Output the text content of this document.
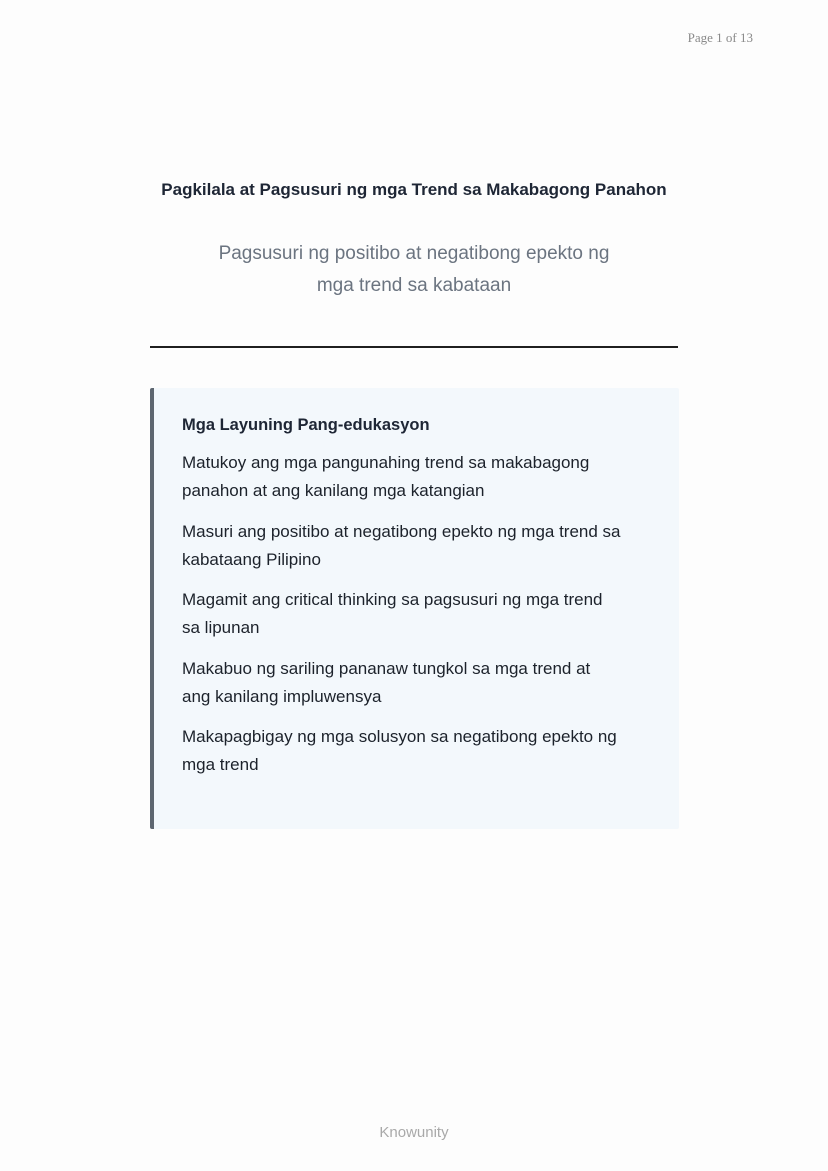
Page 1 of 13
Pagkilala at Pagsusuri ng mga Trend sa Makabagong Panahon
Pagsusuri ng positibo at negatibong epekto ng
mga trend sa kabataan
Mga Layuning Pang-edukasyon
Matukoy ang mga pangunahing trend sa makabagong
panahon at ang kanilang mga katangian
Masuri ang positibo at negatibong epekto ng mga trend sa
kabataang Pilipino
Magamit ang critical thinking sa pagsusuri ng mga trend
sa lipunan
Makabuo ng sariling pananaw tungkol sa mga trend at
ang kanilang impluwensya
Makapagbigay ng mga solusyon sa negatibong epekto ng
mga trend
Knowunity
